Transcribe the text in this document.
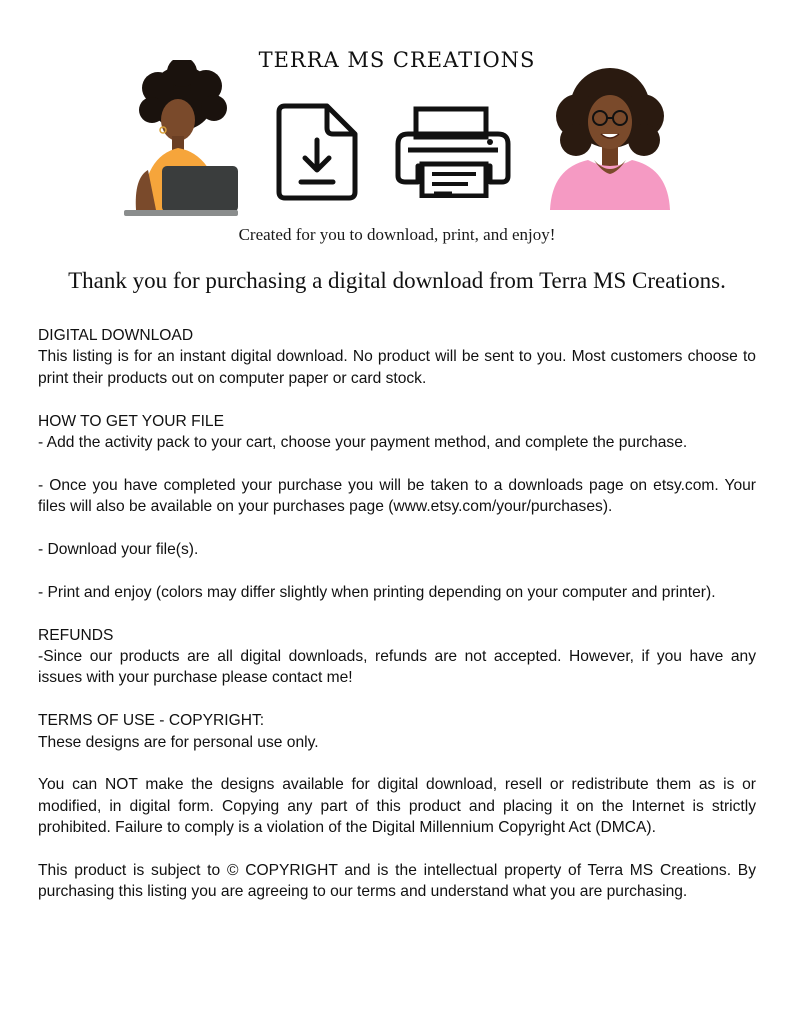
TERRA MS CREATIONS
Created for you to download, print, and enjoy!
Thank you for purchasing a digital download from Terra MS Creations.

DIGITAL DOWNLOAD
This listing is for an instant digital download. No product will be sent to you. Most customers choose to print their products out on computer paper or card stock.

HOW TO GET YOUR FILE
- Add the activity pack to your cart, choose your payment method, and complete the purchase.

- Once you have completed your purchase you will be taken to a downloads page on etsy.com. Your files will also be available on your purchases page (www.etsy.com/your/purchases).

- Download your file(s).

- Print and enjoy (colors may differ slightly when printing depending on your computer and printer).

REFUNDS
-Since our products are all digital downloads, refunds are not accepted. However, if you have any issues with your purchase please contact me!

TERMS OF USE - COPYRIGHT:
These designs are for personal use only.

You can NOT make the designs available for digital download, resell or redistribute them as is or modified, in digital form. Copying any part of this product and placing it on the Internet is strictly prohibited. Failure to comply is a violation of the Digital Millennium Copyright Act (DMCA).

This product is subject to © COPYRIGHT and is the intellectual property of Terra MS Creations. By purchasing this listing you are agreeing to our terms and understand what you are purchasing.
